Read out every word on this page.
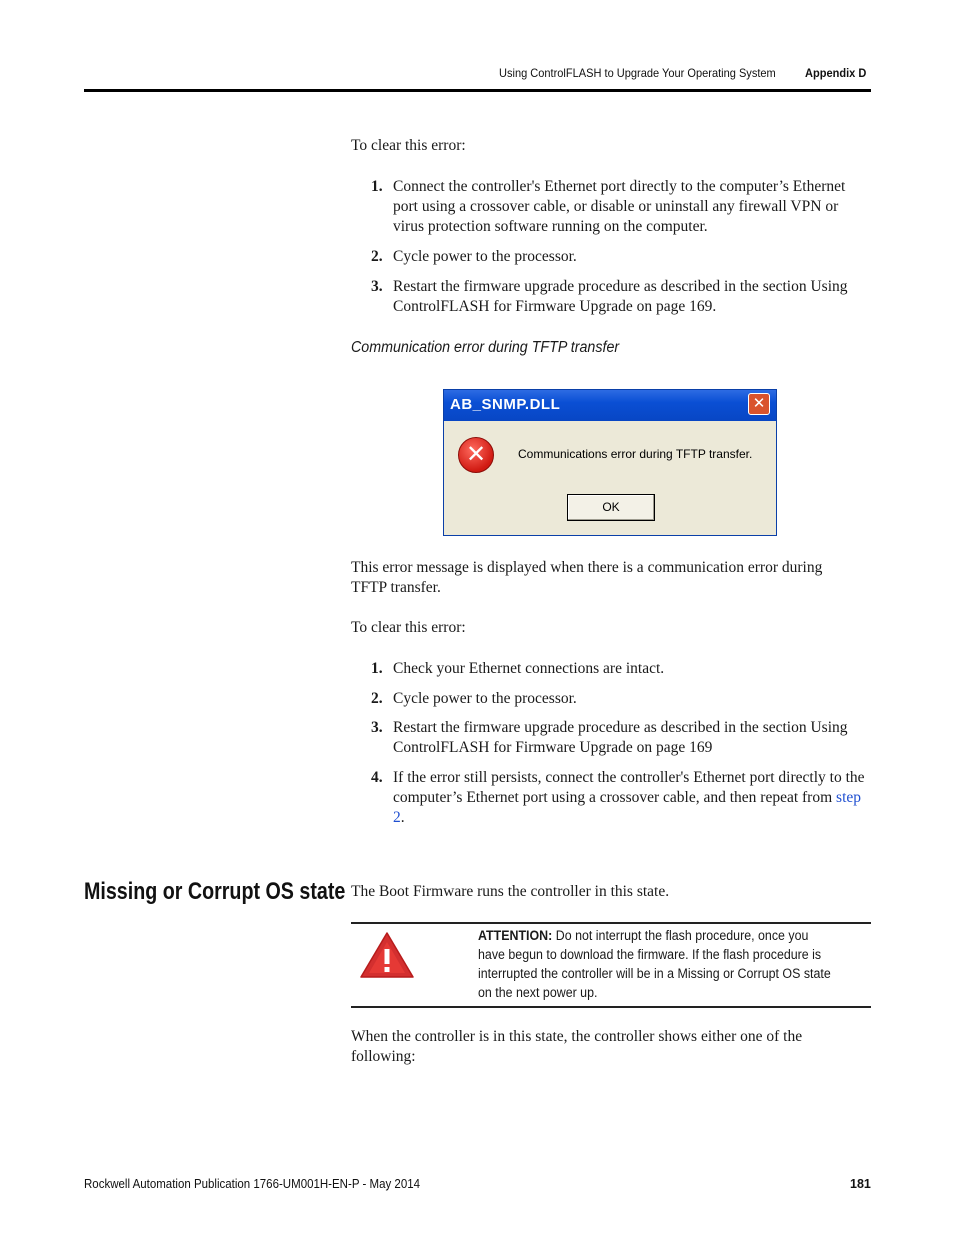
Using ControlFLASH to Upgrade Your Operating System Appendix D
To clear this error:
1. Connect the controller's Ethernet port directly to the computer’s Ethernet port using a crossover cable, or disable or uninstall any firewall VPN or virus protection software running on the computer.
2. Cycle power to the processor.
3. Restart the firmware upgrade procedure as described in the section Using ControlFLASH for Firmware Upgrade on page 169.
Communication error during TFTP transfer
AB_SNMP.DLL	✕
✕	Communications error during TFTP transfer.
OK
This error message is displayed when there is a communication error during TFTP transfer.
To clear this error:
1. Check your Ethernet connections are intact.
2. Cycle power to the processor.
3. Restart the firmware upgrade procedure as described in the section Using ControlFLASH for Firmware Upgrade on page 169
4. If the error still persists, connect the controller's Ethernet port directly to the computer’s Ethernet port using a crossover cable, and then repeat from step 2.
Missing or Corrupt OS state The Boot Firmware runs the controller in this state.
ATTENTION: Do not interrupt the flash procedure, once you have begun to download the firmware. If the flash procedure is interrupted the controller will be in a Missing or Corrupt OS state on the next power up.
When the controller is in this state, the controller shows either one of the following:
Rockwell Automation Publication 1766-UM001H-EN-P - May 2014	181
